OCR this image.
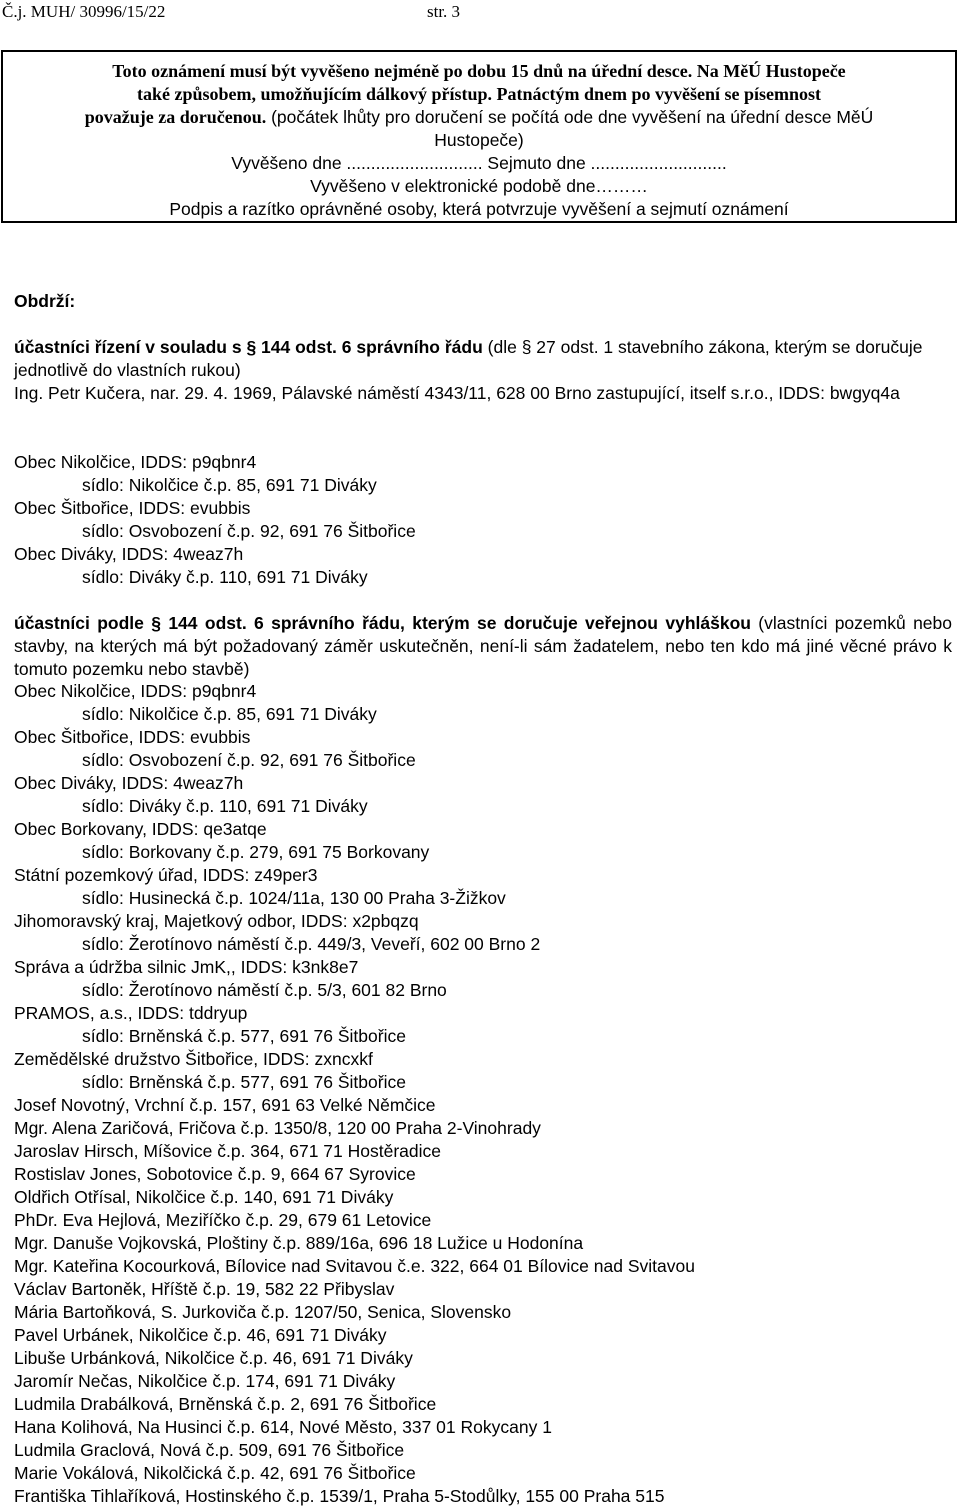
Č.j. MUH/ 30996/15/22	str. 3
Toto oznámení musí být vyvěšeno nejméně po dobu 15 dnů na úřední desce. Na MěÚ Hustopeče
také způsobem, umožňujícím dálkový přístup. Patnáctým dnem po vyvěšení se písemnost
považuje za doručenou. (počátek lhůty pro doručení se počítá ode dne vyvěšení na úřední desce MěÚ
Hustopeče)
Vyvěšeno dne ............................ Sejmuto dne ............................
Vyvěšeno v elektronické podobě dne………
Podpis a razítko oprávněné osoby, která potvrzuje vyvěšení a sejmutí oznámení
Obdrží:
účastníci řízení v souladu s § 144 odst. 6 správního řádu (dle § 27 odst. 1 stavebního zákona, kterým se doručuje jednotlivě do vlastních rukou)
Ing. Petr Kučera, nar. 29. 4. 1969, Pálavské náměstí 4343/11, 628 00 Brno zastupující, itself s.r.o., IDDS: bwgyq4a
Obec Nikolčice, IDDS: p9qbnr4
sídlo: Nikolčice č.p. 85, 691 71 Diváky
Obec Šitbořice, IDDS: evubbis
sídlo: Osvobození č.p. 92, 691 76 Šitbořice
Obec Diváky, IDDS: 4weaz7h
sídlo: Diváky č.p. 110, 691 71 Diváky
účastníci podle § 144 odst. 6 správního řádu, kterým se doručuje veřejnou vyhláškou (vlastníci pozemků nebo stavby, na kterých má být požadovaný záměr uskutečněn, není-li sám žadatelem, nebo ten kdo má jiné věcné právo k tomuto pozemku nebo stavbě)
Obec Nikolčice, IDDS: p9qbnr4
sídlo: Nikolčice č.p. 85, 691 71 Diváky
Obec Šitbořice, IDDS: evubbis
sídlo: Osvobození č.p. 92, 691 76 Šitbořice
Obec Diváky, IDDS: 4weaz7h
sídlo: Diváky č.p. 110, 691 71 Diváky
Obec Borkovany, IDDS: qe3atqe
sídlo: Borkovany č.p. 279, 691 75 Borkovany
Státní pozemkový úřad, IDDS: z49per3
sídlo: Husinecká č.p. 1024/11a, 130 00 Praha 3-Žižkov
Jihomoravský kraj, Majetkový odbor, IDDS: x2pbqzq
sídlo: Žerotínovo náměstí č.p. 449/3, Veveří, 602 00 Brno 2
Správa a údržba silnic JmK,, IDDS: k3nk8e7
sídlo: Žerotínovo náměstí č.p. 5/3, 601 82 Brno
PRAMOS, a.s., IDDS: tddryup
sídlo: Brněnská č.p. 577, 691 76 Šitbořice
Zemědělské družstvo Šitbořice, IDDS: zxncxkf
sídlo: Brněnská č.p. 577, 691 76 Šitbořice
Josef Novotný, Vrchní č.p. 157, 691 63 Velké Němčice
Mgr. Alena Zaričová, Fričova č.p. 1350/8, 120 00 Praha 2-Vinohrady
Jaroslav Hirsch, Míšovice č.p. 364, 671 71 Hostěradice
Rostislav Jones, Sobotovice č.p. 9, 664 67 Syrovice
Oldřich Otřísal, Nikolčice č.p. 140, 691 71 Diváky
PhDr. Eva Hejlová, Meziříčko č.p. 29, 679 61 Letovice
Mgr. Danuše Vojkovská, Ploštiny č.p. 889/16a, 696 18 Lužice u Hodonína
Mgr. Kateřina Kocourková, Bílovice nad Svitavou č.e. 322, 664 01 Bílovice nad Svitavou
Václav Bartoněk, Hříště č.p. 19, 582 22 Přibyslav
Mária Bartoňková, S. Jurkoviča č.p. 1207/50, Senica, Slovensko
Pavel Urbánek, Nikolčice č.p. 46, 691 71 Diváky
Libuše Urbánková, Nikolčice č.p. 46, 691 71 Diváky
Jaromír Nečas, Nikolčice č.p. 174, 691 71 Diváky
Ludmila Drabálková, Brněnská č.p. 2, 691 76 Šitbořice
Hana Kolihová, Na Husinci č.p. 614, Nové Město, 337 01 Rokycany 1
Ludmila Graclová, Nová č.p. 509, 691 76 Šitbořice
Marie Vokálová, Nikolčická č.p. 42, 691 76 Šitbořice
Františka Tihlaříková, Hostinského č.p. 1539/1, Praha 5-Stodůlky, 155 00 Praha 515
